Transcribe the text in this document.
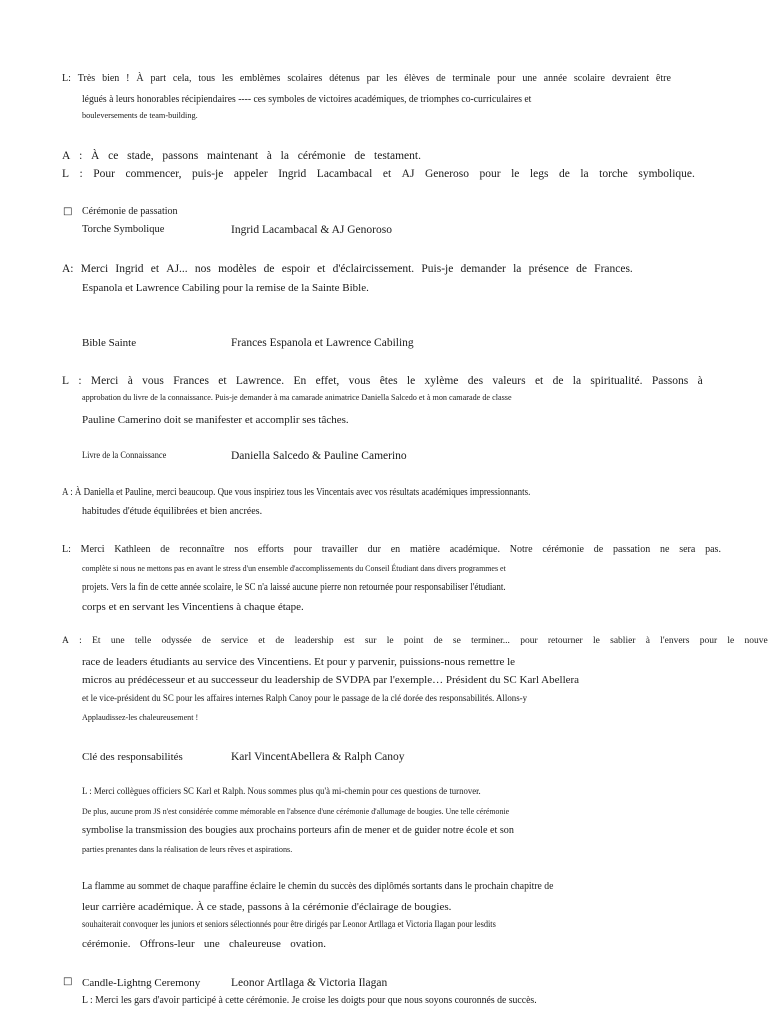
L: Très bien ! À part cela, tous les emblèmes scolaires détenus par les élèves de terminale pour une année scolaire devraient être
légués à leurs honorables récipiendaires ---- ces symboles de victoires académiques, de triomphes co-curriculaires et
bouleversements de team-building.
A : À ce stade, passons maintenant à la cérémonie de testament.
L : Pour commencer, puis-je appeler Ingrid Lacambacal et AJ Generoso pour le legs de la torche symbolique.
□ Cérémonie de passation
Torche Symbolique	Ingrid Lacambacal & AJ Genoroso
A: Merci Ingrid et AJ... nos modèles de espoir et d'éclaircissement. Puis-je demander la présence de Frances.
Espanola et Lawrence Cabiling pour la remise de la Sainte Bible.
Bible Sainte	Frances Espanola et Lawrence Cabiling
L : Merci à vous Frances et Lawrence. En effet, vous êtes le xylème des valeurs et de la spiritualité. Passons à
approbation du livre de la connaissance. Puis-je demander à ma camarade animatrice Daniella Salcedo et à mon camarade de classe
Pauline Camerino doit se manifester et accomplir ses tâches.
Livre de la Connaissance	Daniella Salcedo & Pauline Camerino
A : À Daniella et Pauline, merci beaucoup. Que vous inspiriez tous les Vincentais avec vos résultats académiques impressionnants.
habitudes d'étude équilibrées et bien ancrées.
L: Merci Kathleen de reconnaître nos efforts pour travailler dur en matière académique. Notre cérémonie de passation ne sera pas.
complète si nous ne mettons pas en avant le stress d'un ensemble d'accomplissements du Conseil Étudiant dans divers programmes et
projets. Vers la fin de cette année scolaire, le SC n'a laissé aucune pierre non retournée pour responsabiliser l'étudiant.
corps et en servant les Vincentiens à chaque étape.
A : Et une telle odyssée de service et de leadership est sur le point de se terminer... pour retourner le sablier à l'envers pour le nouve
race de leaders étudiants au service des Vincentiens. Et pour y parvenir, puissions-nous remettre le
micros au prédécesseur et au successeur du leadership de SVDPA par l'exemple… Président du SC Karl Abellera
et le vice-président du SC pour les affaires internes Ralph Canoy pour le passage de la clé dorée des responsabilités. Allons-y
Applaudissez-les chaleureusement !
Clé des responsabilités	Karl VincentAbellera & Ralph Canoy
L : Merci collègues officiers SC Karl et Ralph. Nous sommes plus qu'à mi-chemin pour ces questions de turnover.
De plus, aucune prom JS n'est considérée comme mémorable en l'absence d'une cérémonie d'allumage de bougies. Une telle cérémonie
symbolise la transmission des bougies aux prochains porteurs afin de mener et de guider notre école et son
parties prenantes dans la réalisation de leurs rêves et aspirations.
La flamme au sommet de chaque paraffine éclaire le chemin du succès des diplômés sortants dans le prochain chapitre de
leur carrière académique. À ce stade, passons à la cérémonie d'éclairage de bougies.
souhaiterait convoquer les juniors et seniors sélectionnés pour être dirigés par Leonor Artllaga et Victoria Ilagan pour lesdits
cérémonie. Offrons-leur une chaleureuse ovation.
□ Candle-Lightng Ceremony	Leonor Artllaga & Victoria Ilagan
L : Merci les gars d'avoir participé à cette cérémonie. Je croise les doigts pour que nous soyons couronnés de succès.
